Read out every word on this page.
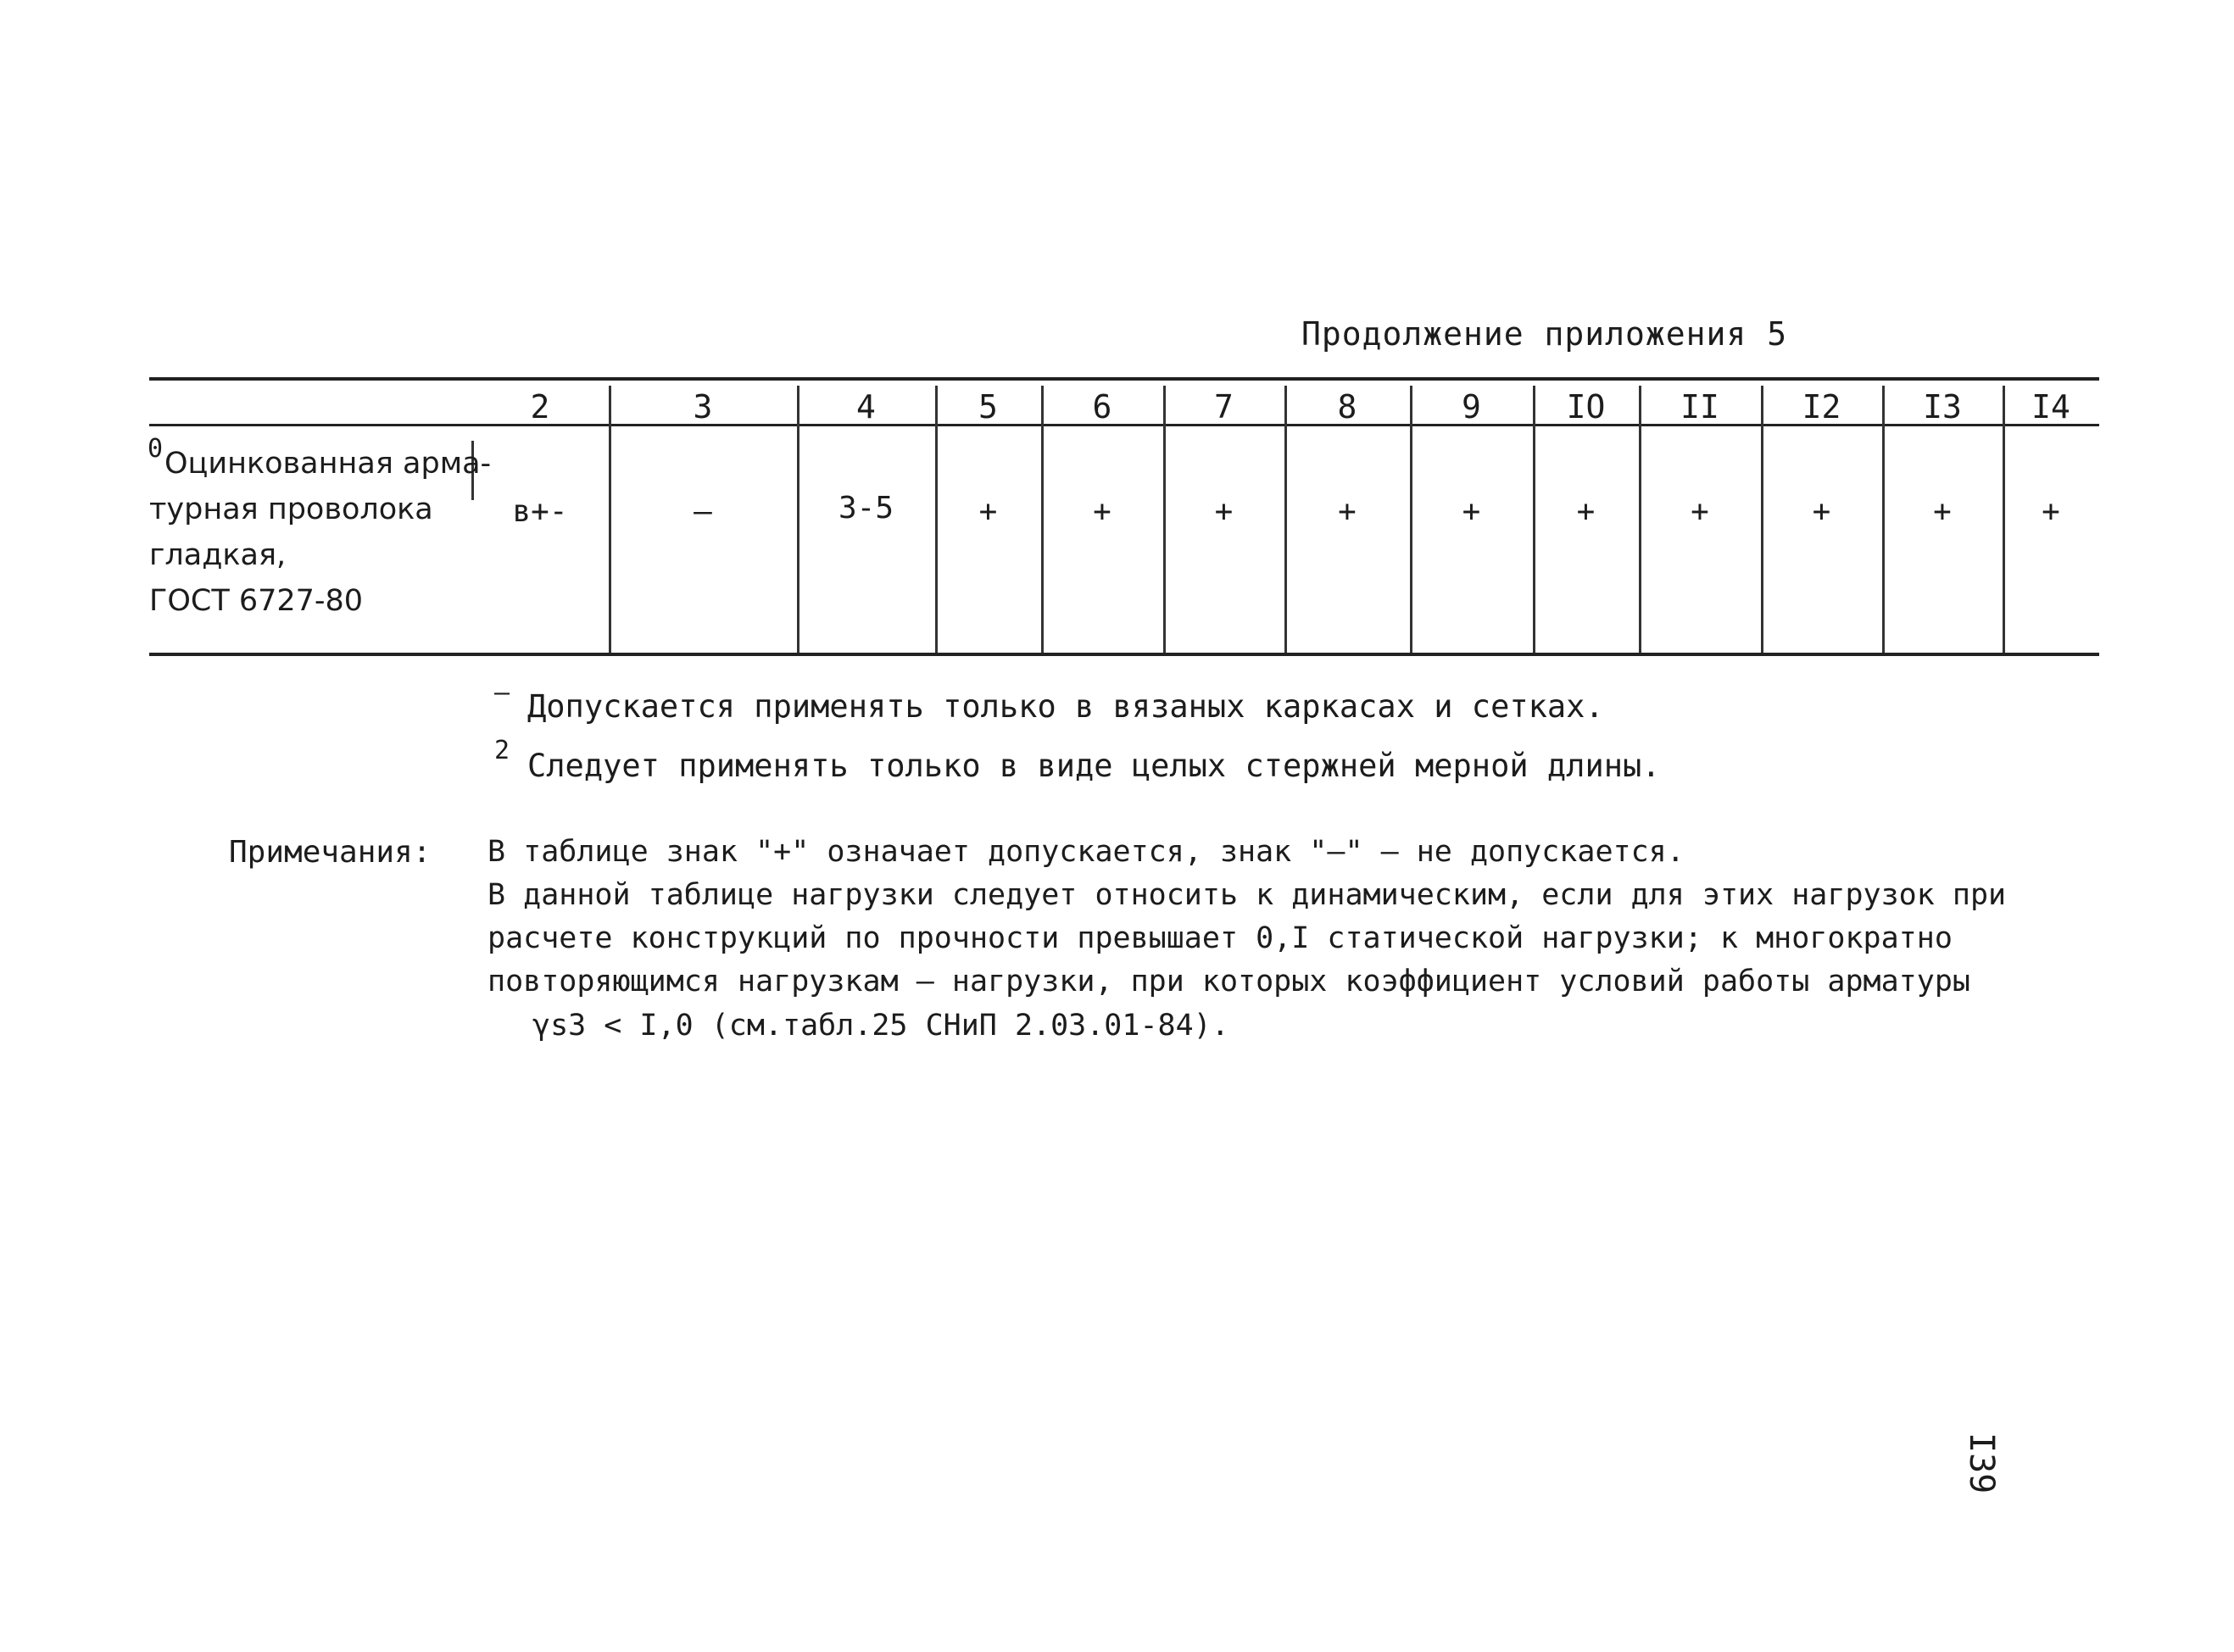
Продолжение приложения 5
2	3	4	5	6	7	8	9	IO	II	I2	I3	I4
0 Оцинкованная арма-
турная проволока
гладкая,
ГОСТ 6727-80
в+-	–	3-5	+	+	+	+	+	+	+	+	+	+
– Допускается применять только в вязаных каркасах и сетках.
2 Следует применять только в виде целых стержней мерной длины.
Примечания: В таблице знак "+" означает допускается, знак "–" – не допускается.
В данной таблице нагрузки следует относить к динамическим, если для этих нагрузок при
расчете конструкций по прочности превышает 0,I статической нагрузки; к многократно
повторяющимся нагрузкам – нагрузки, при которых коэффициент условий работы арматуры
γs3 < I,0 (см.табл.25 СНиП 2.03.01-84).
I39
